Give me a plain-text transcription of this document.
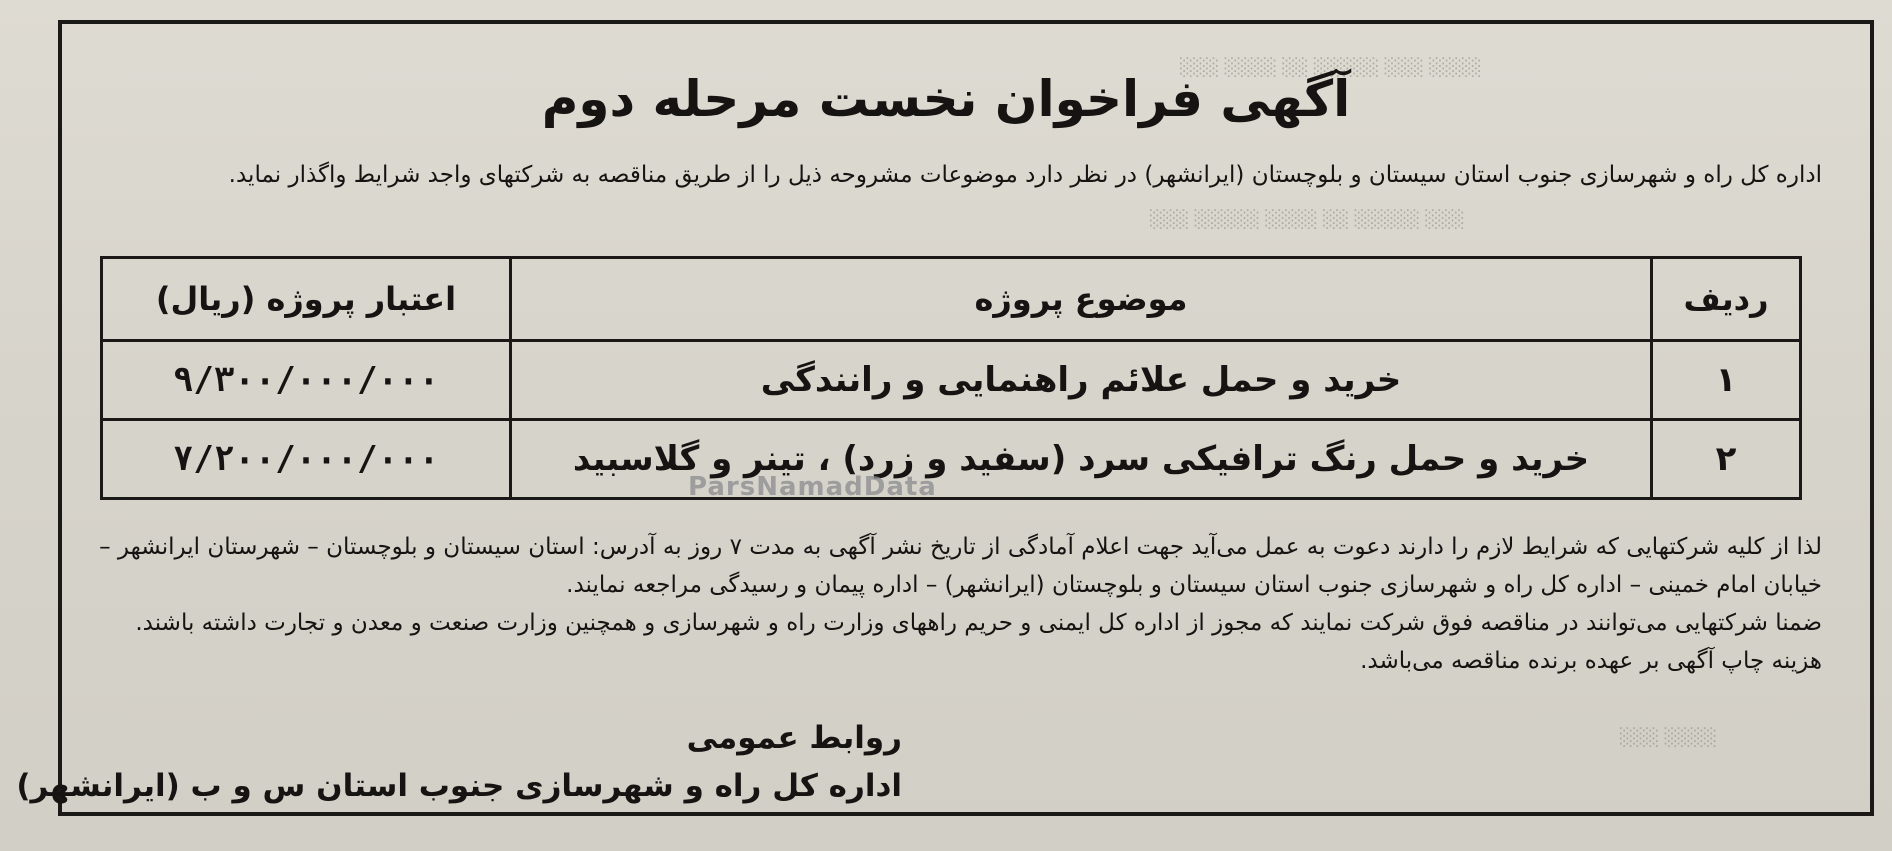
░░░░ ░░░ ░░░░░ ░░ ░░░░ ░░░
░░░ ░░░░░ ░░ ░░░░ ░░░░░ ░░░
░░░░ ░░░
آگهی فراخوان نخست مرحله دوم
اداره کل راه و شهرسازی جنوب استان سیستان و بلوچستان (ایرانشهر) در نظر دارد موضوعات مشروحه ذیل را از طریق مناقصه به شرکتهای واجد شرایط واگذار نماید.
ردیف	موضوع پروژه	اعتبار پروژه (ریال)
۱	خرید و حمل علائم راهنمایی و رانندگی	۹/۳۰۰/۰۰۰/۰۰۰
۲	خرید و حمل رنگ ترافیکی سرد (سفید و زرد) ، تینر و گلاسبید	۷/۲۰۰/۰۰۰/۰۰۰
ParsNamadData
لذا از کلیه شرکتهایی که شرایط لازم را دارند دعوت به عمل می‌آید جهت اعلام آمادگی از تاریخ نشر آگهی به مدت ۷ روز به آدرس: استان سیستان و بلوچستان – شهرستان ایرانشهر – خیابان امام خمینی – اداره کل راه و شهرسازی جنوب استان سیستان و بلوچستان (ایرانشهر) – اداره پیمان و رسیدگی مراجعه نمایند.
ضمنا شرکتهایی می‌توانند در مناقصه فوق شرکت نمایند که مجوز از اداره کل ایمنی و حریم راههای وزارت راه و شهرسازی و همچنین وزارت صنعت و معدن و تجارت داشته باشند. هزینه چاپ آگهی بر عهده برنده مناقصه می‌باشد.
روابط عمومی
اداره کل راه و شهرسازی جنوب استان س و ب (ایرانشهر)
